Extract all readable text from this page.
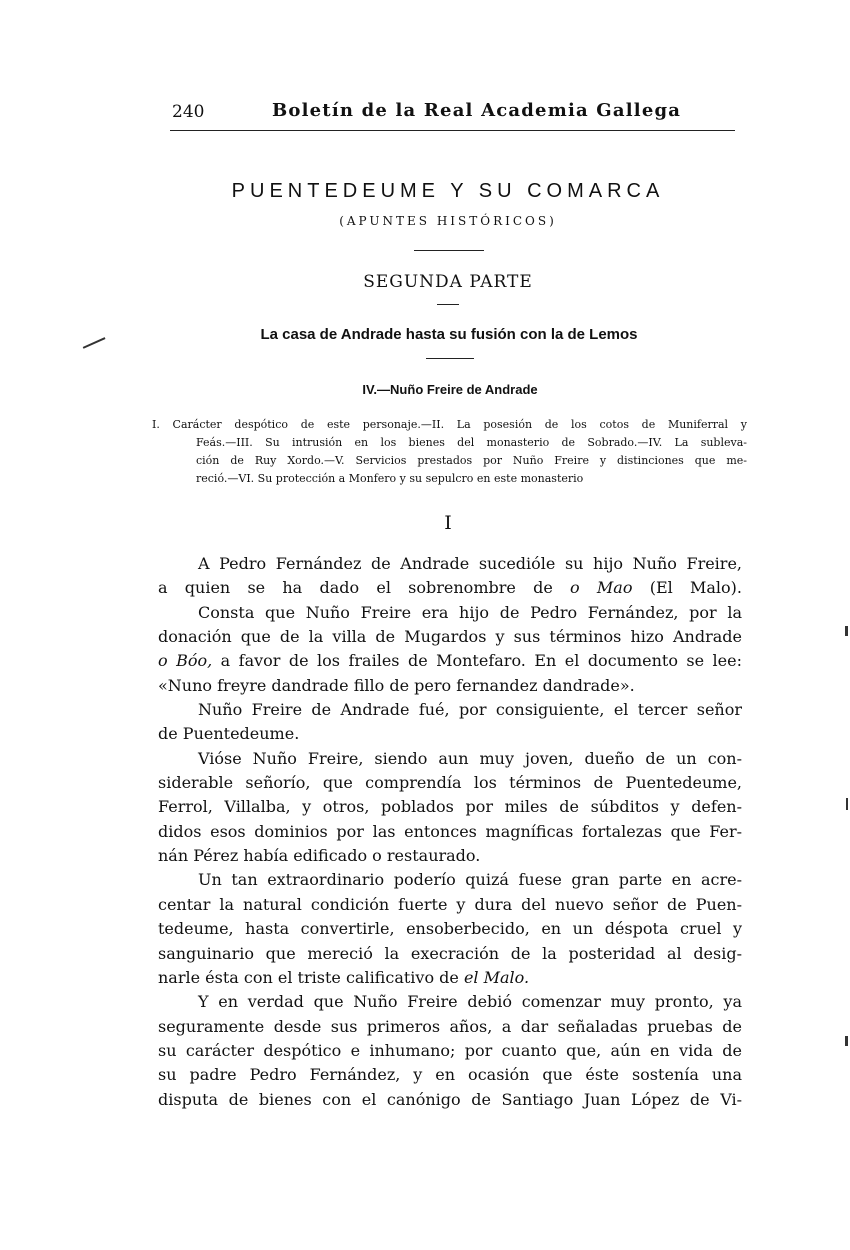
240	Boletín de la Real Academia Gallega
PUENTEDEUME Y SU COMARCA
(APUNTES HISTÓRICOS)
SEGUNDA PARTE
La casa de Andrade hasta su fusión con la de Lemos
IV.—Nuño Freire de Andrade
I. Carácter despótico de este personaje.—II. La posesión de los cotos de Muniferral y
Feás.—III. Su intrusión en los bienes del monasterio de Sobrado.—IV. La subleva-
ción de Ruy Xordo.—V. Servicios prestados por Nuño Freire y distinciones que me-
reció.—VI. Su protección a Monfero y su sepulcro en este monasterio
I
A Pedro Fernández de Andrade sucedióle su hijo Nuño Freire,
a quien se ha dado el sobrenombre de o Mao (El Malo).
Consta que Nuño Freire era hijo de Pedro Fernández, por la
donación que de la villa de Mugardos y sus términos hizo Andrade
o Bóo, a favor de los frailes de Montefaro. En el documento se lee:
«Nuno freyre dandrade fillo de pero fernandez dandrade».
Nuño Freire de Andrade fué, por consiguiente, el tercer señor
de Puentedeume.
Vióse Nuño Freire, siendo aun muy joven, dueño de un con-
siderable señorío, que comprendía los términos de Puentedeume,
Ferrol, Villalba, y otros, poblados por miles de súbditos y defen-
didos esos dominios por las entonces magníficas fortalezas que Fer-
nán Pérez había edificado o restaurado.
Un tan extraordinario poderío quizá fuese gran parte en acre-
centar la natural condición fuerte y dura del nuevo señor de Puen-
tedeume, hasta convertirle, ensoberbecido, en un déspota cruel y
sanguinario que mereció la execración de la posteridad al desig-
narle ésta con el triste calificativo de el Malo.
Y en verdad que Nuño Freire debió comenzar muy pronto, ya
seguramente desde sus primeros años, a dar señaladas pruebas de
su carácter despótico e inhumano; por cuanto que, aún en vida de
su padre Pedro Fernández, y en ocasión que éste sostenía una
disputa de bienes con el canónigo de Santiago Juan López de Vi-
